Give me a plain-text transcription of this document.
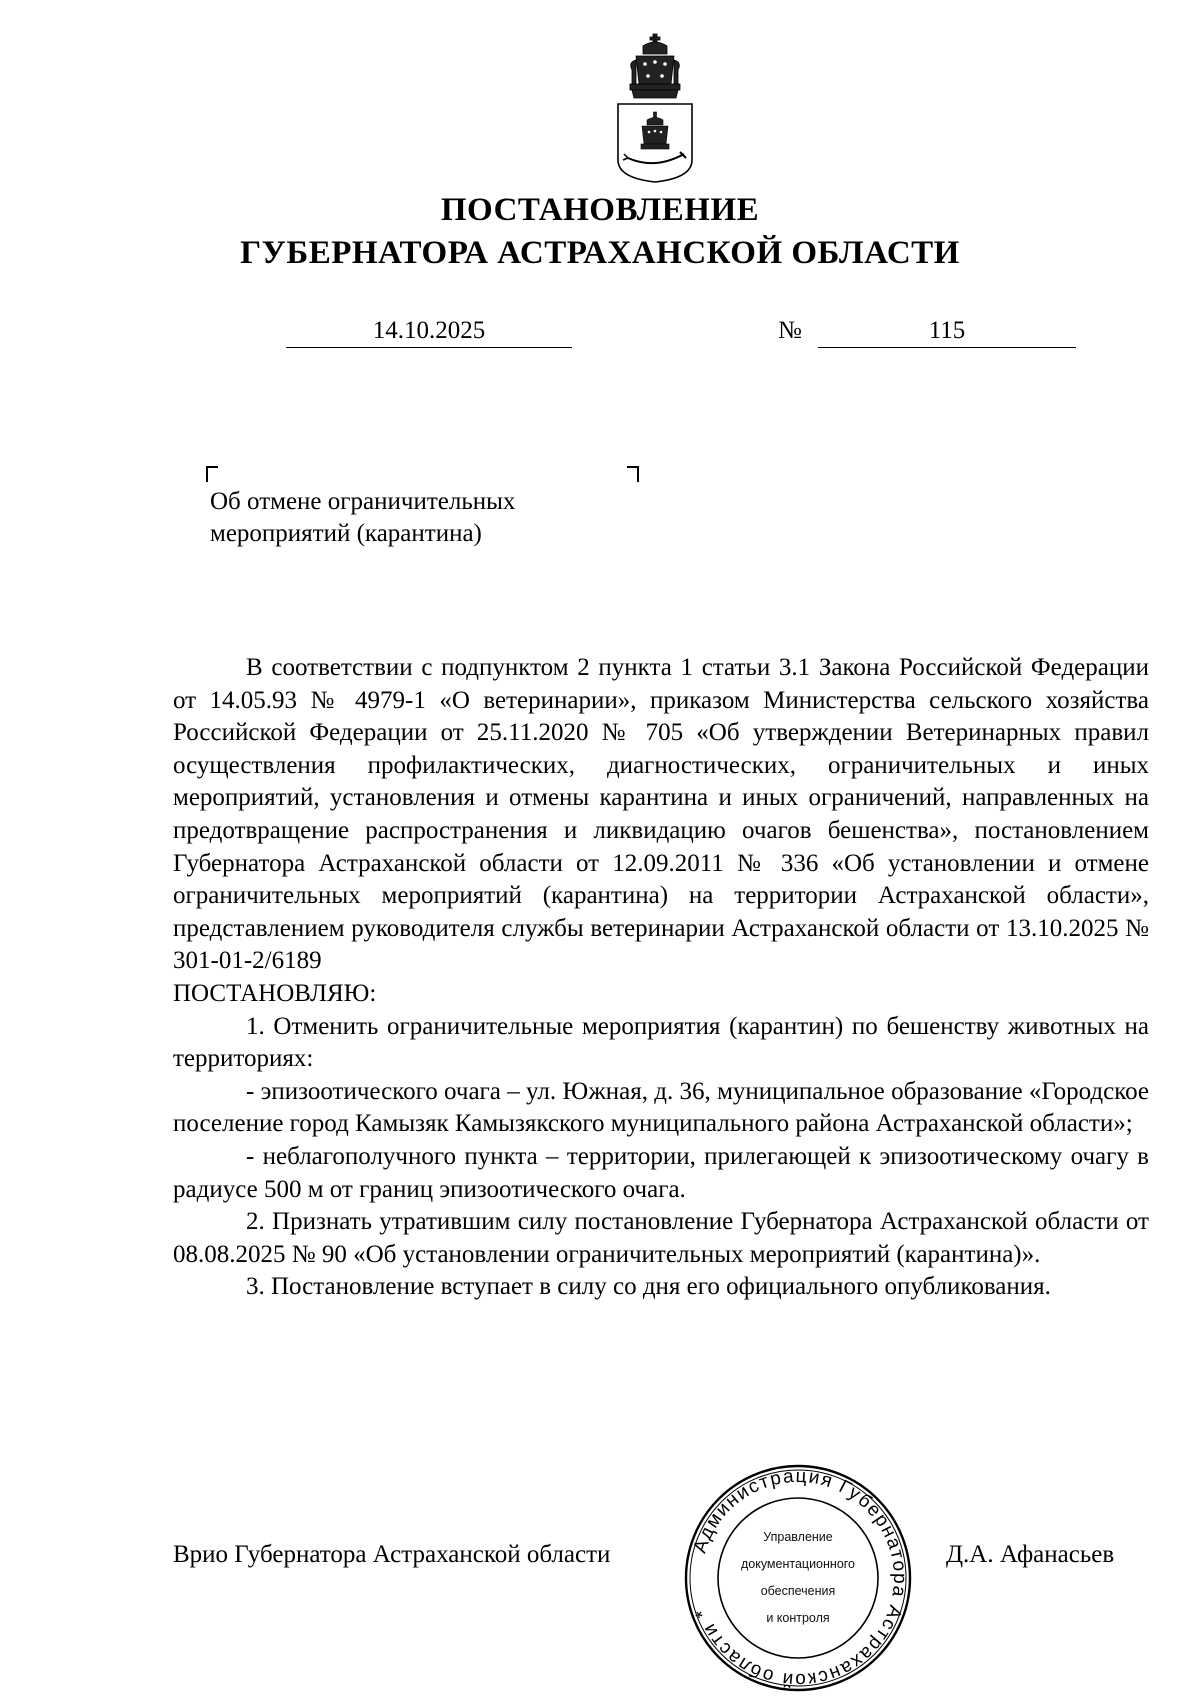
ПОСТАНОВЛЕНИЕ
ГУБЕРНАТОРА АСТРАХАНСКОЙ ОБЛАСТИ
14.10.2025	№	115
Об отмене ограничительных
мероприятий (карантина)

В соответствии с подпунктом 2 пункта 1 статьи 3.1 Закона Российской Федерации от 14.05.93 № 4979-1 «О ветеринарии», приказом Министерства сельского хозяйства Российской Федерации от 25.11.2020 № 705 «Об утверждении Ветеринарных правил осуществления профилактических, диагностических, ограничительных и иных мероприятий, установления и отмены карантина и иных ограничений, направленных на предотвращение распространения и ликвидацию очагов бешенства», постановлением Губернатора Астраханской области от 12.09.2011 № 336 «Об установлении и отмене ограничительных мероприятий (карантина) на территории Астраханской области», представлением руководителя службы ветеринарии Астраханской области от 13.10.2025 № 301-01-2/6189

ПОСТАНОВЛЯЮ:

1. Отменить ограничительные мероприятия (карантин) по бешенству животных на территориях:

- эпизоотического очага – ул. Южная, д. 36, муниципальное образование «Городское поселение город Камызяк Камызякского муниципального района Астраханской области»;

- неблагополучного пункта – территории, прилегающей к эпизоотическому очагу в радиусе 500 м от границ эпизоотического очага.

2. Признать утратившим силу постановление Губернатора Астраханской области от 08.08.2025 № 90 «Об установлении ограничительных мероприятий (карантина)».

3. Постановление вступает в силу со дня его официального опубликования.

Врио Губернатора Астраханской области	Д.А. Афанасьев
Администрация Губернатора Астраханской области *
Управление
документационного
обеспечения
и контроля
